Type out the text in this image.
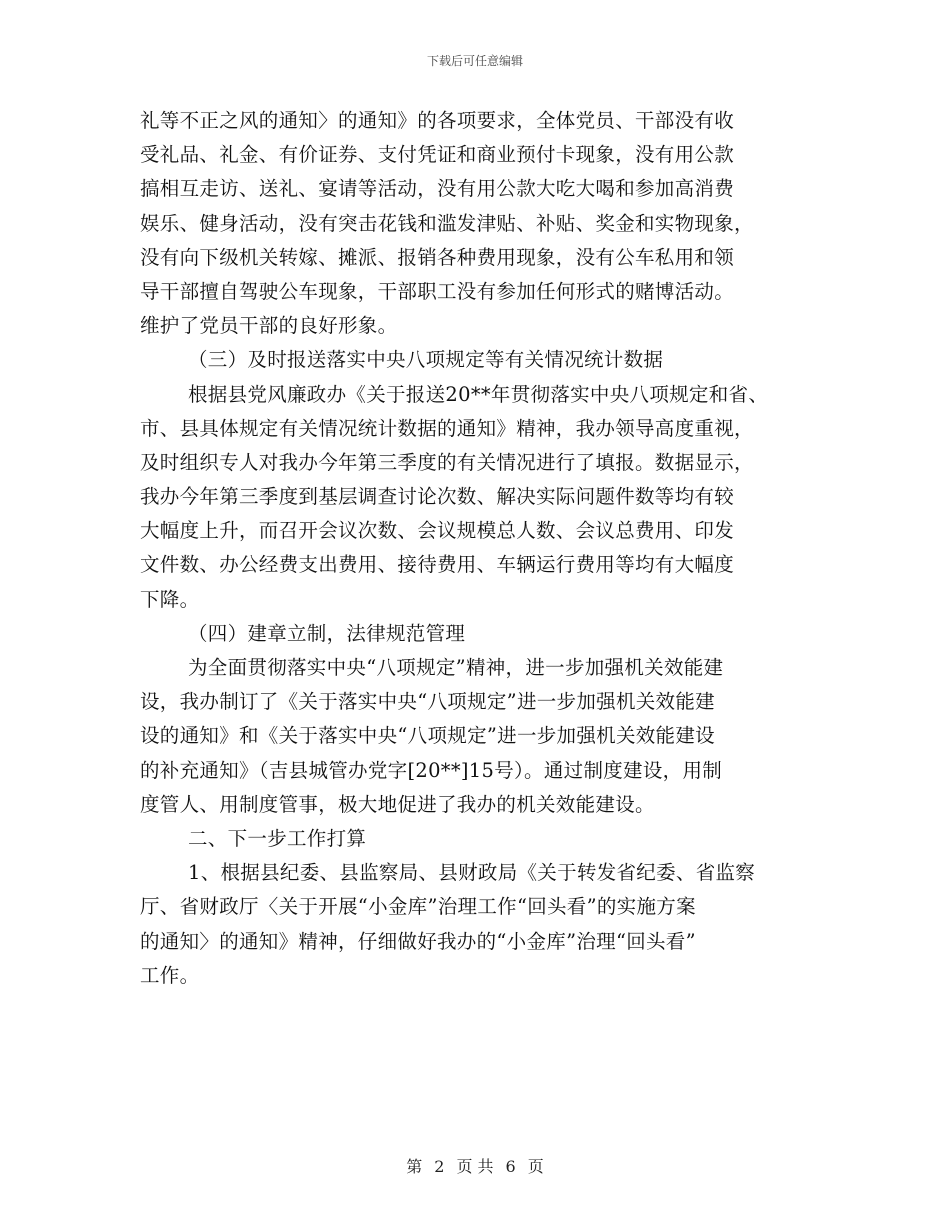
下载后可任意编辑
礼等不正之风的通知〉的通知》的各项要求，全体党员、干部没有收
受礼品、礼金、有价证券、支付凭证和商业预付卡现象，没有用公款
搞相互走访、送礼、宴请等活动，没有用公款大吃大喝和参加高消费
娱乐、健身活动，没有突击花钱和滥发津贴、补贴、奖金和实物现象，
没有向下级机关转嫁、摊派、报销各种费用现象，没有公车私用和领
导干部擅自驾驶公车现象，干部职工没有参加任何形式的赌博活动。
维护了党员干部的良好形象。
（三）及时报送落实中央八项规定等有关情况统计数据
根据县党风廉政办《关于报送20**年贯彻落实中央八项规定和省、
市、县具体规定有关情况统计数据的通知》精神，我办领导高度重视，
及时组织专人对我办今年第三季度的有关情况进行了填报。数据显示，
我办今年第三季度到基层调查讨论次数、解决实际问题件数等均有较
大幅度上升，而召开会议次数、会议规模总人数、会议总费用、印发
文件数、办公经费支出费用、接待费用、车辆运行费用等均有大幅度
下降。
（四）建章立制，法律规范管理
为全面贯彻落实中央“八项规定”精神，进一步加强机关效能建
设，我办制订了《关于落实中央“八项规定”进一步加强机关效能建
设的通知》和《关于落实中央“八项规定”进一步加强机关效能建设
的补充通知》（吉县城管办党字[20**]15号）。通过制度建设，用制
度管人、用制度管事，极大地促进了我办的机关效能建设。
二、下一步工作打算
1、根据县纪委、县监察局、县财政局《关于转发省纪委、省监察
厅、省财政厅〈关于开展“小金库”治理工作“回头看”的实施方案
的通知〉的通知》精神，仔细做好我办的“小金库”治理“回头看”
工作。
第 2 页 共 6 页
